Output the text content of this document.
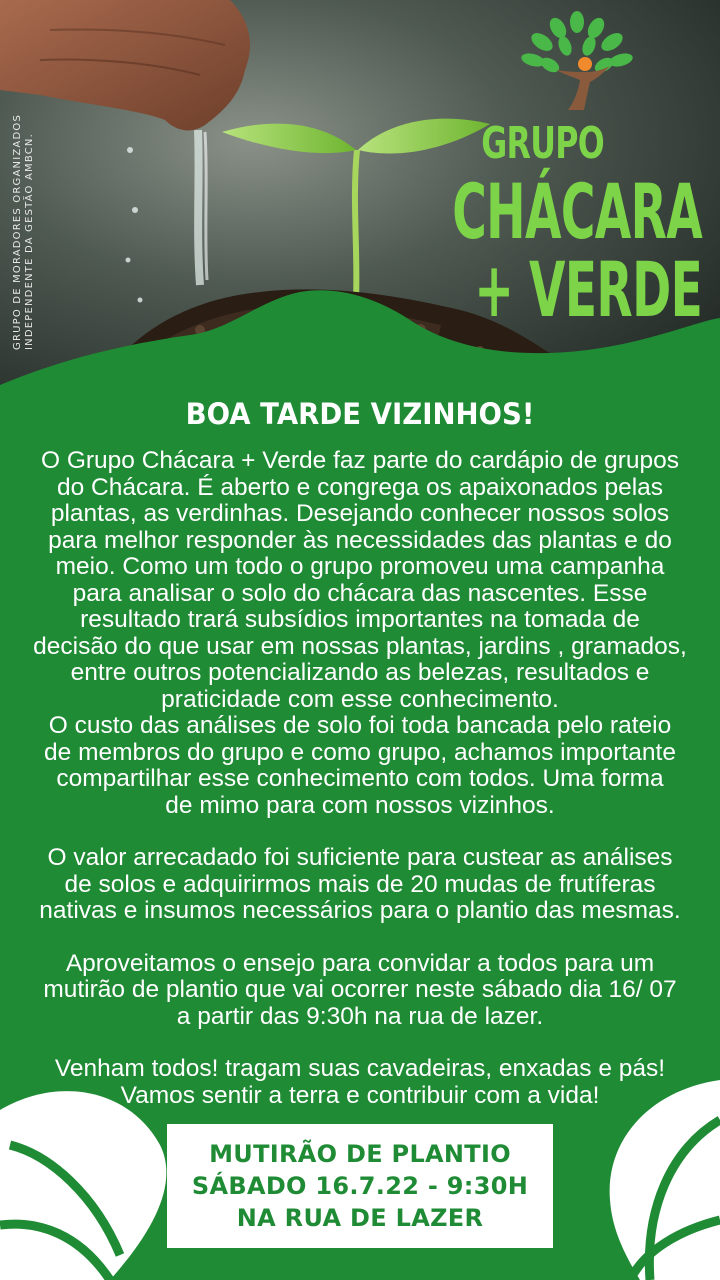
GRUPO DE MORADORES ORGANIZADOS INDEPENDENTE DA GESTÃO AMBCN.	GRUPO
CHÁCARA
+ VERDE
BOA TARDE VIZINHOS!

O Grupo Chácara + Verde faz parte do cardápio de grupos
do Chácara. É aberto e congrega os apaixonados pelas
plantas, as verdinhas. Desejando conhecer nossos solos
para melhor responder às necessidades das plantas e do
meio. Como um todo o grupo promoveu uma campanha
para analisar o solo do chácara das nascentes. Esse
resultado trará subsídios importantes na tomada de
decisão do que usar em nossas plantas, jardins , gramados,
entre outros potencializando as belezas, resultados e
praticidade com esse conhecimento.

O custo das análises de solo foi toda bancada pelo rateio
de membros do grupo e como grupo, achamos importante
compartilhar esse conhecimento com todos. Uma forma
de mimo para com nossos vizinhos.

O valor arrecadado foi suficiente para custear as análises
de solos e adquirirmos mais de 20 mudas de frutíferas
nativas e insumos necessários para o plantio das mesmas.

Aproveitamos o ensejo para convidar a todos para um
mutirão de plantio que vai ocorrer neste sábado dia 16/ 07
a partir das 9:30h na rua de lazer.

Venham todos! tragam suas cavadeiras, enxadas e pás!
Vamos sentir a terra e contribuir com a vida!

MUTIRÃO DE PLANTIO
SÁBADO 16.7.22 - 9:30H
NA RUA DE LAZER
